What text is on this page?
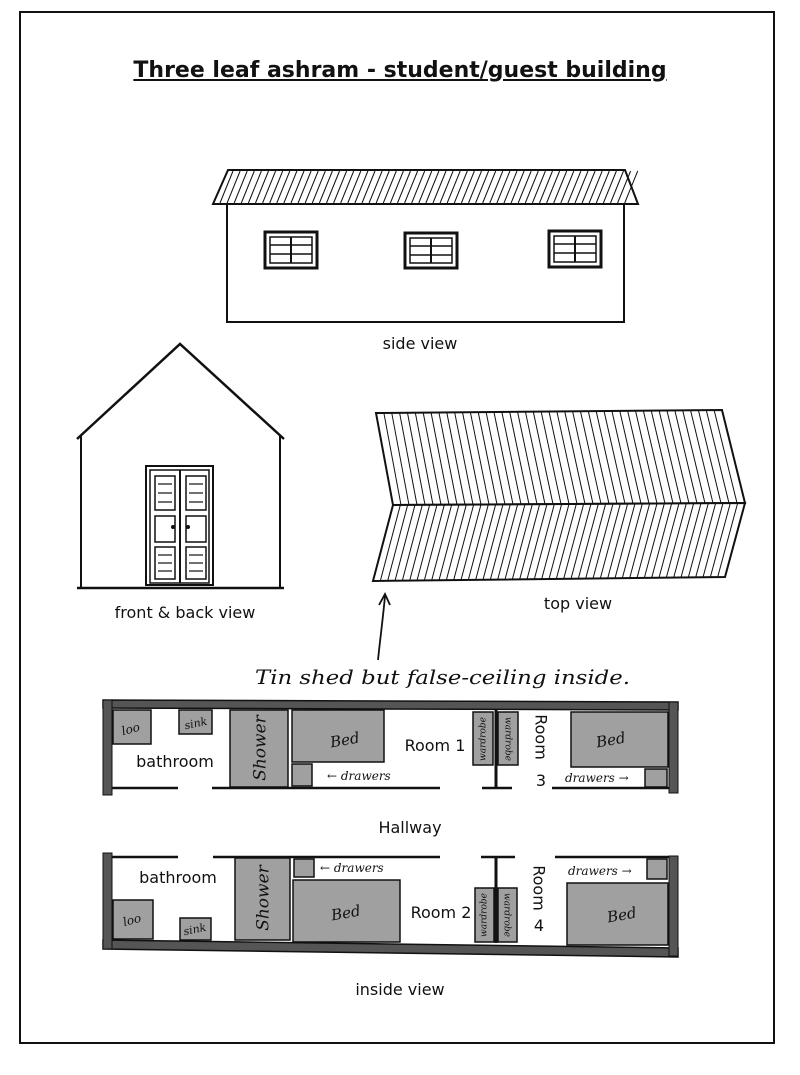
Three leaf ashram - student/guest building
side view
front & back view	top view
Tin shed but false-ceiling inside.
loo	sink
bathroom Shower	Bed
← drawers
Room 1 wardrobe wardrobe Room
3
Bed
drawers →
Hallway
bathroom
loo
sink	Shower	← drawers
Bed	Room 2 wardrobe wardrobe
Room
4
drawers →
Bed
inside view
